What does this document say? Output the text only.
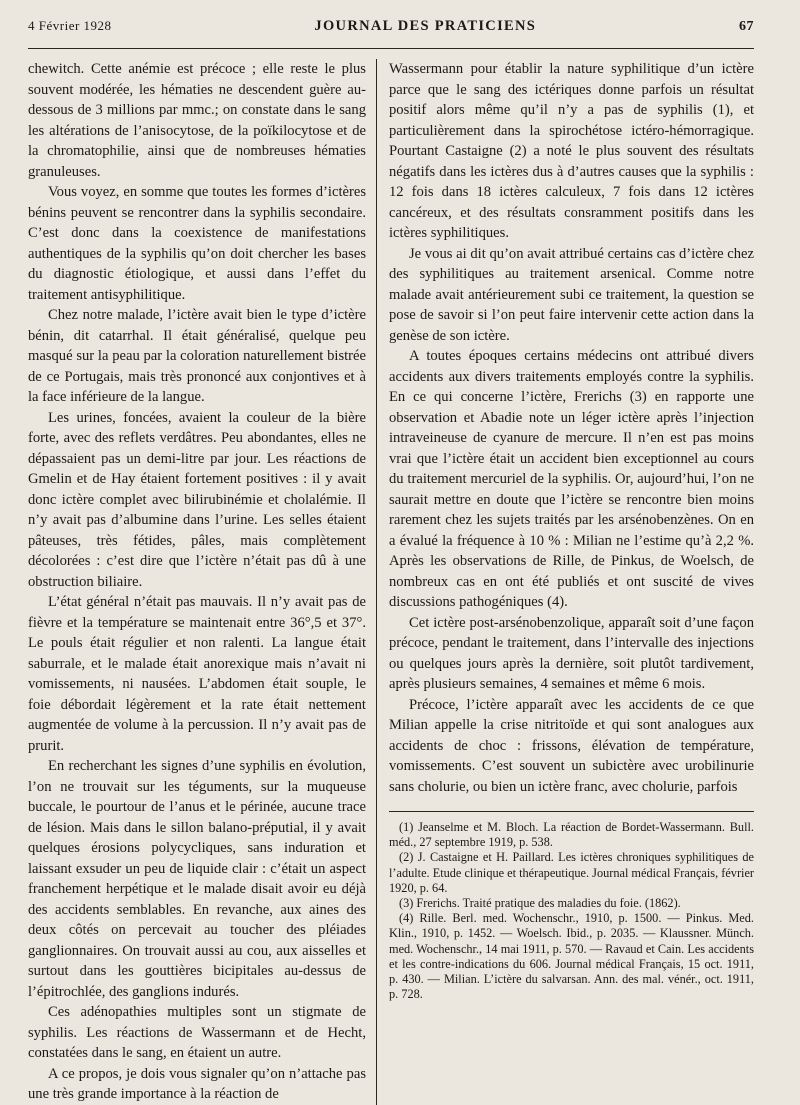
4 Février 1928	JOURNAL DES PRATICIENS	67

chewitch. Cette anémie est précoce ; elle reste le plus souvent modérée, les hématies ne descendent guère au-dessous de 3 millions par mmc.; on constate dans le sang les altérations de l’anisocytose, de la poïkilocytose et de la chromatophilie, ainsi que de nombreuses hématies granuleuses.

Vous voyez, en somme que toutes les formes d’ictères bénins peuvent se rencontrer dans la syphilis secondaire. C’est donc dans la coexistence de manifestations authentiques de la syphilis qu’on doit chercher les bases du diagnostic étiologique, et aussi dans l’effet du traitement antisyphilitique.

Chez notre malade, l’ictère avait bien le type d’ictère bénin, dit catarrhal. Il était généralisé, quelque peu masqué sur la peau par la coloration naturellement bistrée de ce Portugais, mais très prononcé aux conjontives et à la face inférieure de la langue.

Les urines, foncées, avaient la couleur de la bière forte, avec des reflets verdâtres. Peu abondantes, elles ne dépassaient pas un demi-litre par jour. Les réactions de Gmelin et de Hay étaient fortement positives : il y avait donc ictère complet avec bilirubinémie et cholalémie. Il n’y avait pas d’albumine dans l’urine. Les selles étaient pâteuses, très fétides, pâles, mais complètement décolorées : c’est dire que l’ictère n’était pas dû à une obstruction biliaire.

L’état général n’était pas mauvais. Il n’y avait pas de fièvre et la température se maintenait entre 36°,5 et 37°. Le pouls était régulier et non ralenti. La langue était saburrale, et le malade était anorexique mais n’avait ni vomissements, ni nausées. L’abdomen était souple, le foie débordait légèrement et la rate était nettement augmentée de volume à la percussion. Il n’y avait pas de prurit.

En recherchant les signes d’une syphilis en évolution, l’on ne trouvait sur les téguments, sur la muqueuse buccale, le pourtour de l’anus et le périnée, aucune trace de lésion. Mais dans le sillon balano-préputial, il y avait quelques érosions polycycliques, sans induration et laissant exsuder un peu de liquide clair : c’était un aspect franchement herpétique et le malade disait avoir eu déjà des accidents semblables. En revanche, aux aines des deux côtés on percevait au toucher des pléiades ganglionnaires. On trouvait aussi au cou, aux aisselles et surtout dans les gouttières bicipitales au-dessus de l’épitrochlée, des ganglions indurés.

Ces adénopathies multiples sont un stigmate de syphilis. Les réactions de Wassermann et de Hecht, constatées dans le sang, en étaient un autre.

A ce propos, je dois vous signaler qu’on n’attache pas une très grande importance à la réaction de

Wassermann pour établir la nature syphilitique d’un ictère parce que le sang des ictériques donne parfois un résultat positif alors même qu’il n’y a pas de syphilis (1), et particulièrement dans la spirochétose ictéro-hémorragique. Pourtant Castaigne (2) a noté le plus souvent des résultats négatifs dans les ictères dus à d’autres causes que la syphilis : 12 fois dans 18 ictères calculeux, 7 fois dans 12 ictères cancéreux, et des résultats consramment positifs dans les ictères syphilitiques.

Je vous ai dit qu’on avait attribué certains cas d’ictère chez des syphilitiques au traitement arsenical. Comme notre malade avait antérieurement subi ce traitement, la question se pose de savoir si l’on peut faire intervenir cette action dans la genèse de son ictère.

A toutes époques certains médecins ont attribué divers accidents aux divers traitements employés contre la syphilis. En ce qui concerne l’ictère, Frerichs (3) en rapporte une observation et Abadie note un léger ictère après l’injection intraveineuse de cyanure de mercure. Il n’en est pas moins vrai que l’ictère était un accident bien exceptionnel au cours du traitement mercuriel de la syphilis. Or, aujourd’hui, l’on ne saurait mettre en doute que l’ictère se rencontre bien moins rarement chez les sujets traités par les arsénobenzènes. On en a évalué la fréquence à 10 % : Milian ne l’estime qu’à 2,2 %. Après les observations de Rille, de Pinkus, de Woelsch, de nombreux cas en ont été publiés et ont suscité de vives discussions pathogéniques (4).

Cet ictère post-arsénobenzolique, apparaît soit d’une façon précoce, pendant le traitement, dans l’intervalle des injections ou quelques jours après la dernière, soit plutôt tardivement, après plusieurs semaines, 4 semaines et même 6 mois.

Précoce, l’ictère apparaît avec les accidents de ce que Milian appelle la crise nitritoïde et qui sont analogues aux accidents de choc : frissons, élévation de température, vomissements. C’est souvent un subictère avec urobilinurie sans cholurie, ou bien un ictère franc, avec cholurie, parfois

(1) Jeanselme et M. Bloch. La réaction de Bordet-Wassermann. Bull. méd., 27 septembre 1919, p. 538.

(2) J. Castaigne et H. Paillard. Les ictères chroniques syphilitiques de l’adulte. Etude clinique et thérapeutique. Journal médical Français, février 1920, p. 64.

(3) Frerichs. Traité pratique des maladies du foie. (1862).

(4) Rille. Berl. med. Wochenschr., 1910, p. 1500. — Pinkus. Med. Klin., 1910, p. 1452. — Woelsch. Ibid., p. 2035. — Klaussner. Münch. med. Wochenschr., 14 mai 1911, p. 570. — Ravaud et Cain. Les accidents et les contre-indications du 606. Journal médical Français, 15 oct. 1911, p. 430. — Milian. L’ictère du salvarsan. Ann. des mal. vénér., oct. 1911, p. 728.
